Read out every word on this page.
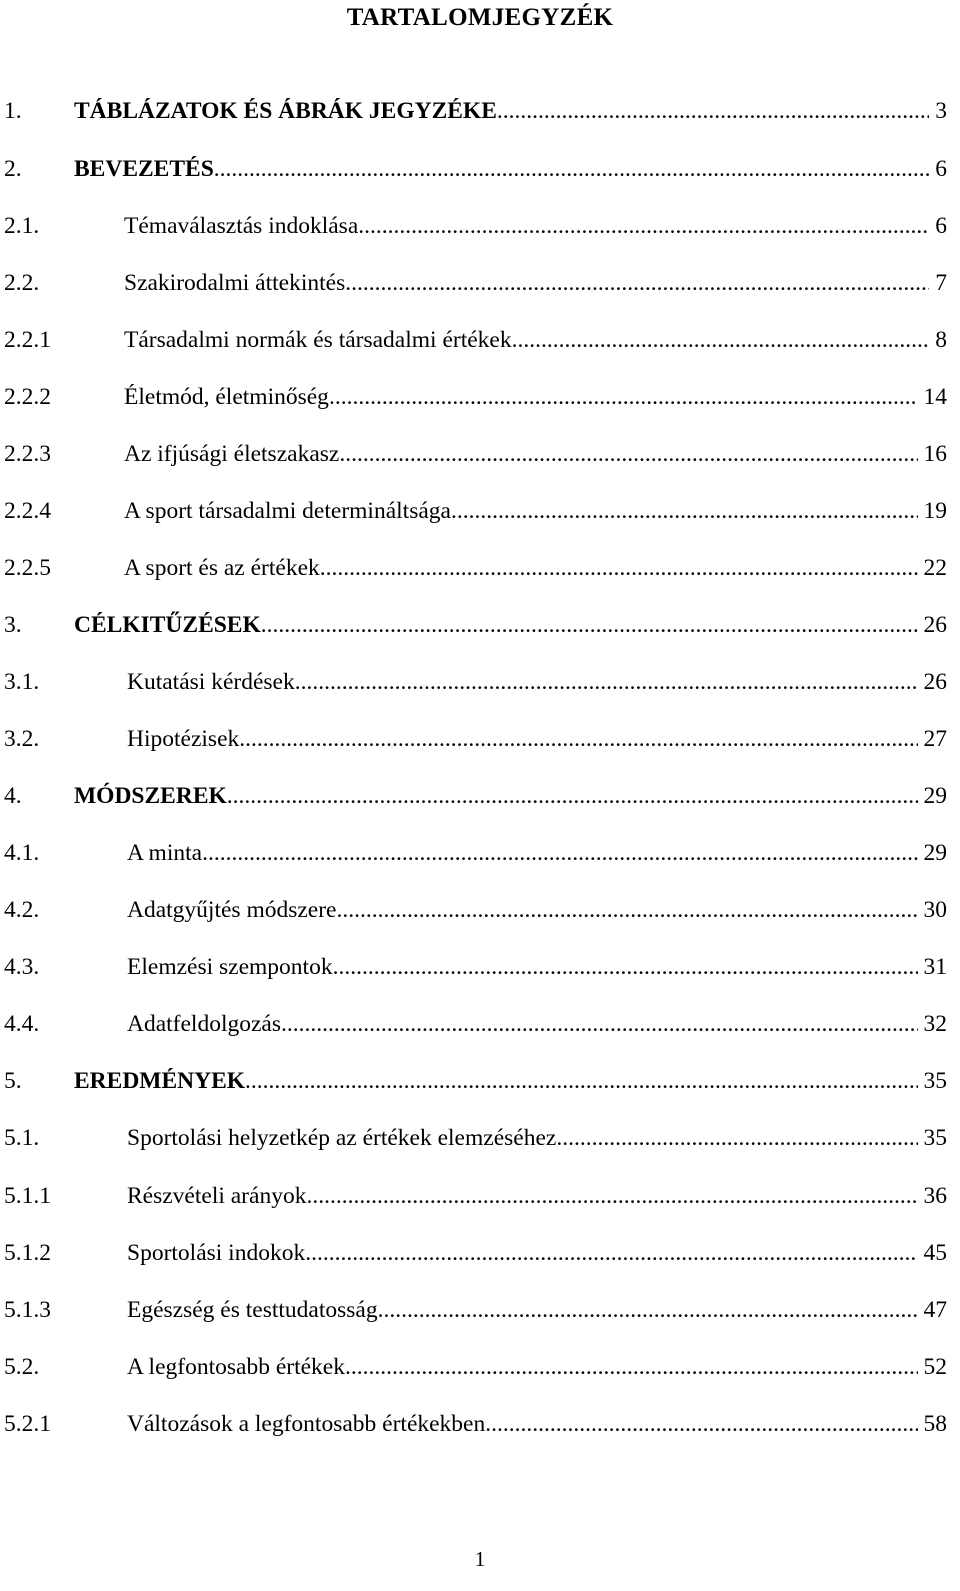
TARTALOMJEGYZÉK
1. TÁBLÁZATOK ÉS ÁBRÁK JEGYZÉKE .....	3
2. BEVEZETÉS .....	6
2.1.	Témaválasztás indoklása .....	6
2.2.	Szakirodalmi áttekintés .....	7
2.2.1	Társadalmi normák és társadalmi értékek .....	8
2.2.2	Életmód, életminőség .....	14
2.2.3	Az ifjúsági életszakasz .....	16
2.2.4	A sport társadalmi determináltsága .....	19
2.2.5	A sport és az értékek .....	22
3. CÉLKITŰZÉSEK .....	26
3.1.	Kutatási kérdések .....	26
3.2.	Hipotézisek .....	27
4. MÓDSZEREK .....	29
4.1.	A minta .....	29
4.2.	Adatgyűjtés módszere .....	30
4.3.	Elemzési szempontok .....	31
4.4.	Adatfeldolgozás .....	32
5. EREDMÉNYEK .....	35
5.1.	Sportolási helyzetkép az értékek elemzéséhez .....	35
5.1.1	Részvételi arányok .....	36
5.1.2	Sportolási indokok .....	45
5.1.3	Egészség és testtudatosság .....	47
5.2.	A legfontosabb értékek .....	52
5.2.1	Változások a legfontosabb értékekben .....	58
1
